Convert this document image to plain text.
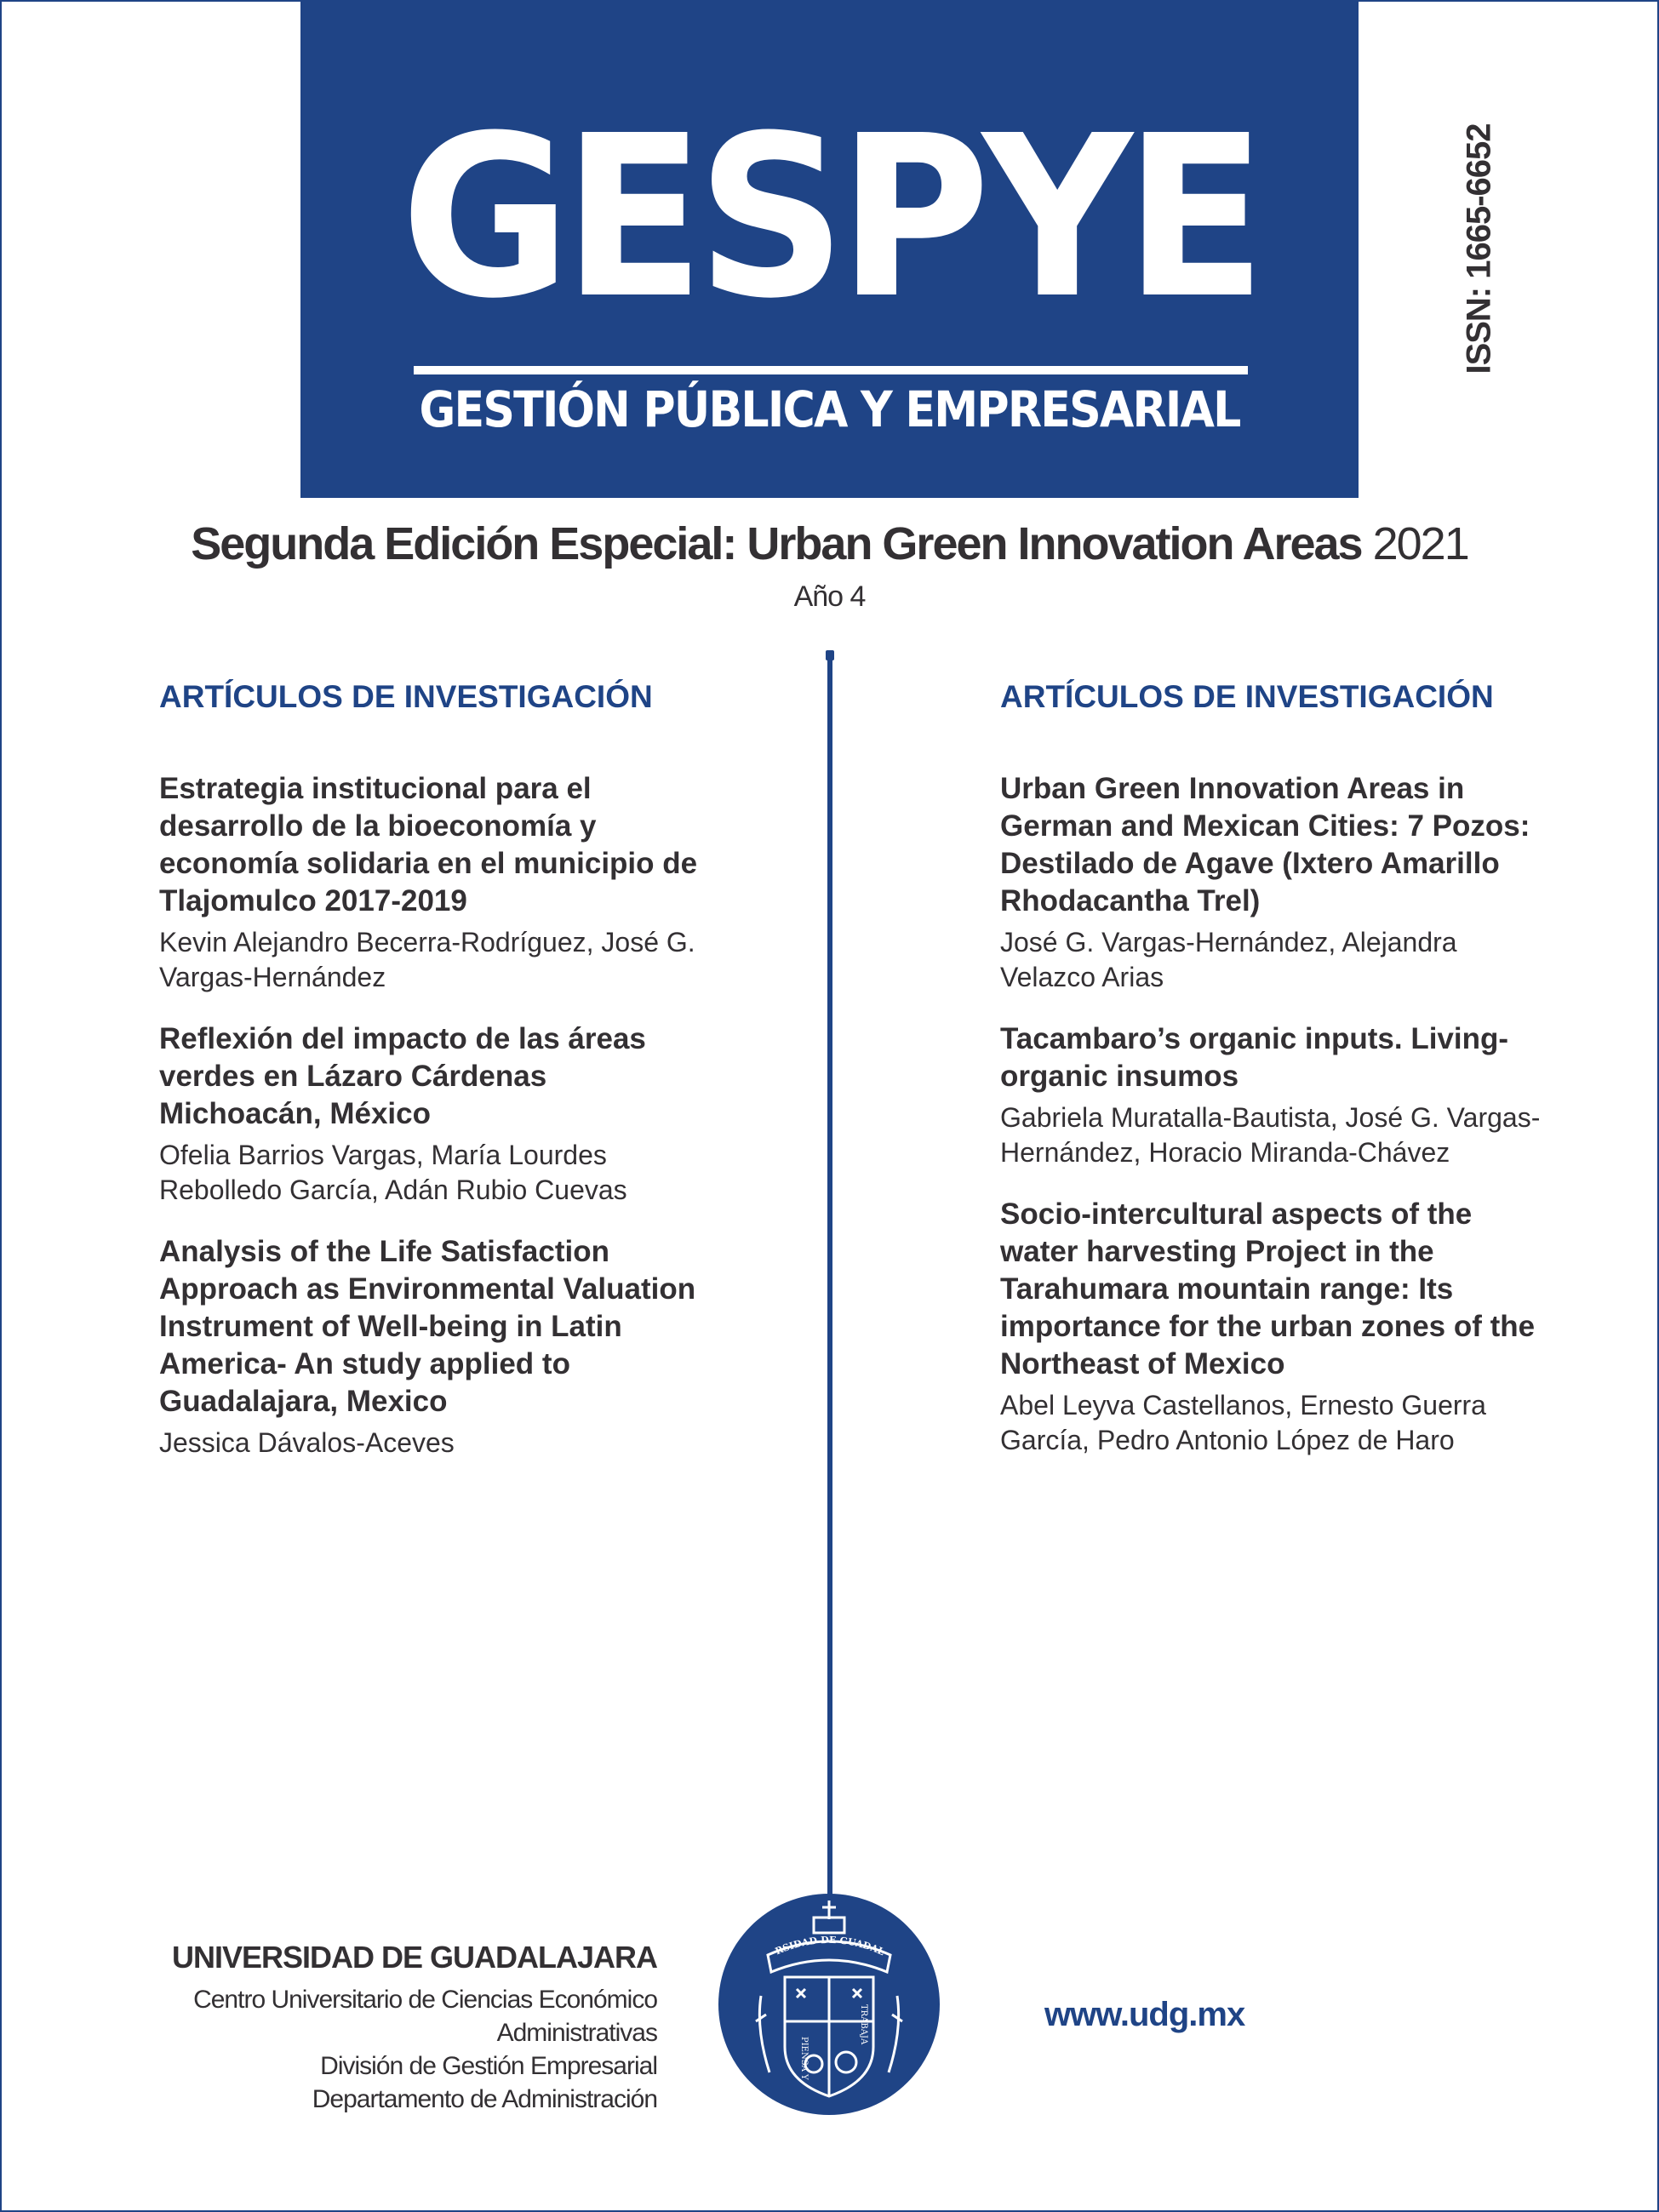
GESPYE
GESTIÓN PÚBLICA Y EMPRESARIAL
ISSN: 1665-6652
Segunda Edición Especial: Urban Green Innovation Areas 2021
Año 4

ARTÍCULOS DE INVESTIGACIÓN

Estrategia institucional para el desarrollo de la bioeconomía y economía solidaria en el municipio de Tlajomulco 2017-2019

Kevin Alejandro Becerra-Rodríguez, José G. Vargas-Hernández

Reflexión del impacto de las áreas verdes en Lázaro Cárdenas Michoacán, México

Ofelia Barrios Vargas, María Lourdes Rebolledo García, Adán Rubio Cuevas

Analysis of the Life Satisfaction Approach as Environmental Valuation Instrument of Well-being in Latin America- An study applied to Guadalajara, Mexico

Jessica Dávalos-Aceves

ARTÍCULOS DE INVESTIGACIÓN

Urban Green Innovation Areas in German and Mexican Cities: 7 Pozos: Destilado de Agave (Ixtero Amarillo Rhodacantha Trel)

José G. Vargas-Hernández, Alejandra Velazco Arias

Tacambaro’s organic inputs. Living-organic insumos

Gabriela Muratalla-Bautista, José G. Vargas-Hernández, Horacio Miranda-Chávez

Socio-intercultural aspects of the water harvesting Project in the Tarahumara mountain range: Its importance for the urban zones of the Northeast of Mexico

Abel Leyva Castellanos, Ernesto Guerra García, Pedro Antonio López de Haro

UNIVERSIDAD DE GUADALAJARA
Centro Universitario de Ciencias Económico Administrativas
División de Gestión Empresarial
Departamento de Administración
RSIDAD DE GUADAL
PIENSA Y
TRABAJA	www.udg.mx
